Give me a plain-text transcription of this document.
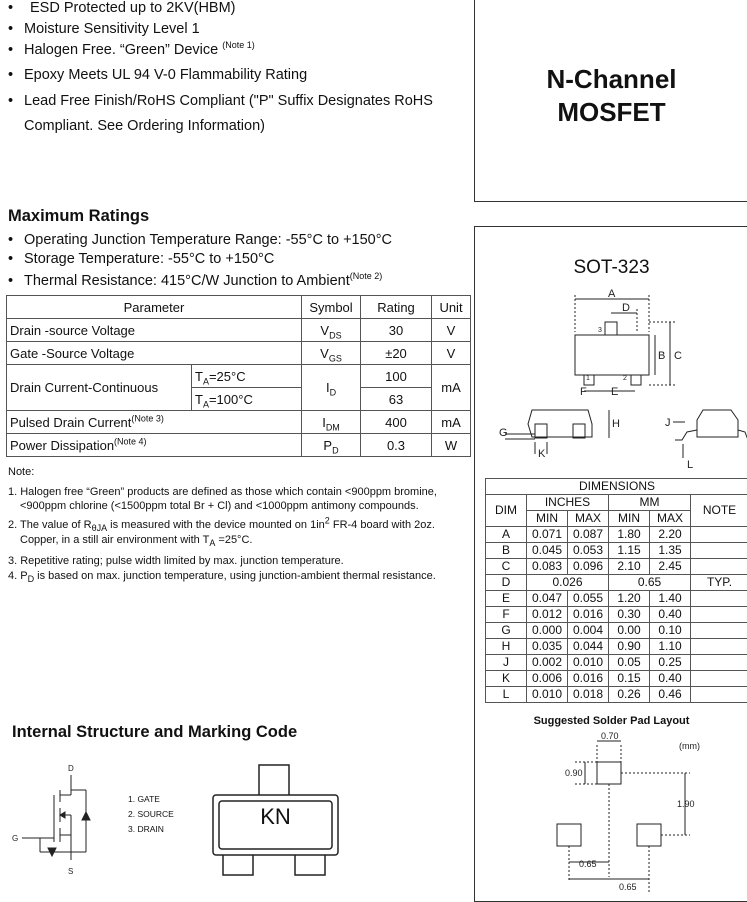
• ESD Protected up to 2KV(HBM)
• Moisture Sensitivity Level 1
• Halogen Free. “Green” Device $^{(Note 1)}$
• Epoxy Meets UL 94 V-0 Flammability Rating
• Lead Free Finish/RoHS Compliant ("P" Suffix Designates RoHS
Compliant. See Ordering Information)
N-Channel
MOSFET
Maximum Ratings
• Operating Junction Temperature Range: -55°C to +150°C
• Storage Temperature: -55°C to +150°C
• Thermal Resistance: 415°C/W Junction to Ambient$^{(Note 2)}$
Parameter		Symbol	Rating	Unit
Drain -source Voltage		$V_{DS}$	30	V
Gate -Source Voltage		$V_{GS}$	±20	V
Drain Current-Continuous	$T_A=25^\circ C$	$I_D$	100	mA
	$T_A=100^\circ C$		63	
Pulsed Drain Current$^{(Note 3)}$		$I_{DM}$	400	mA
Power Dissipation$^{(Note 4)}$		$P_D$	0.3	W
Note:
1. Halogen free “Green” products are defined as those which contain <900ppm bromine,
<900ppm chlorine (<1500ppm total Br + Cl) and <1000ppm antimony compounds.
2. The value of $R_{\theta JA}$ is measured with the device mounted on $1in^2$ FR-4 board with 2oz.
Copper, in a still air environment with $T_A =25^\circ C$.
3. Repetitive rating; pulse width limited by max. junction temperature.
4. $P_D$ is based on max. junction temperature, using junction-ambient thermal resistance.
SOT-323
A
D
3
B C
1	2
F E
G
K
H	J
L
DIMENSIONS					
DIM	INCHES		MM		NOTE
	MIN	MAX	MIN	MAX	
A	0.071	0.087	1.80	2.20	
B	0.045	0.053	1.15	1.35	
C	0.083	0.096	2.10	2.45	
D	0.026		0.65		TYP.
E	0.047	0.055	1.20	1.40	
F	0.012	0.016	0.30	0.40	
G	0.000	0.004	0.00	0.10	
H	0.035	0.044	0.90	1.10	
J	0.002	0.010	0.05	0.25	
K	0.006	0.016	0.15	0.40	
L	0.010	0.018	0.26	0.46	
Suggested Solder Pad Layout
0.70
(mm)
0.90
1.90
0.65
0.65
Internal Structure and Marking Code
D
G
S
1. GATE
2. SOURCE
3. DRAIN	KN
